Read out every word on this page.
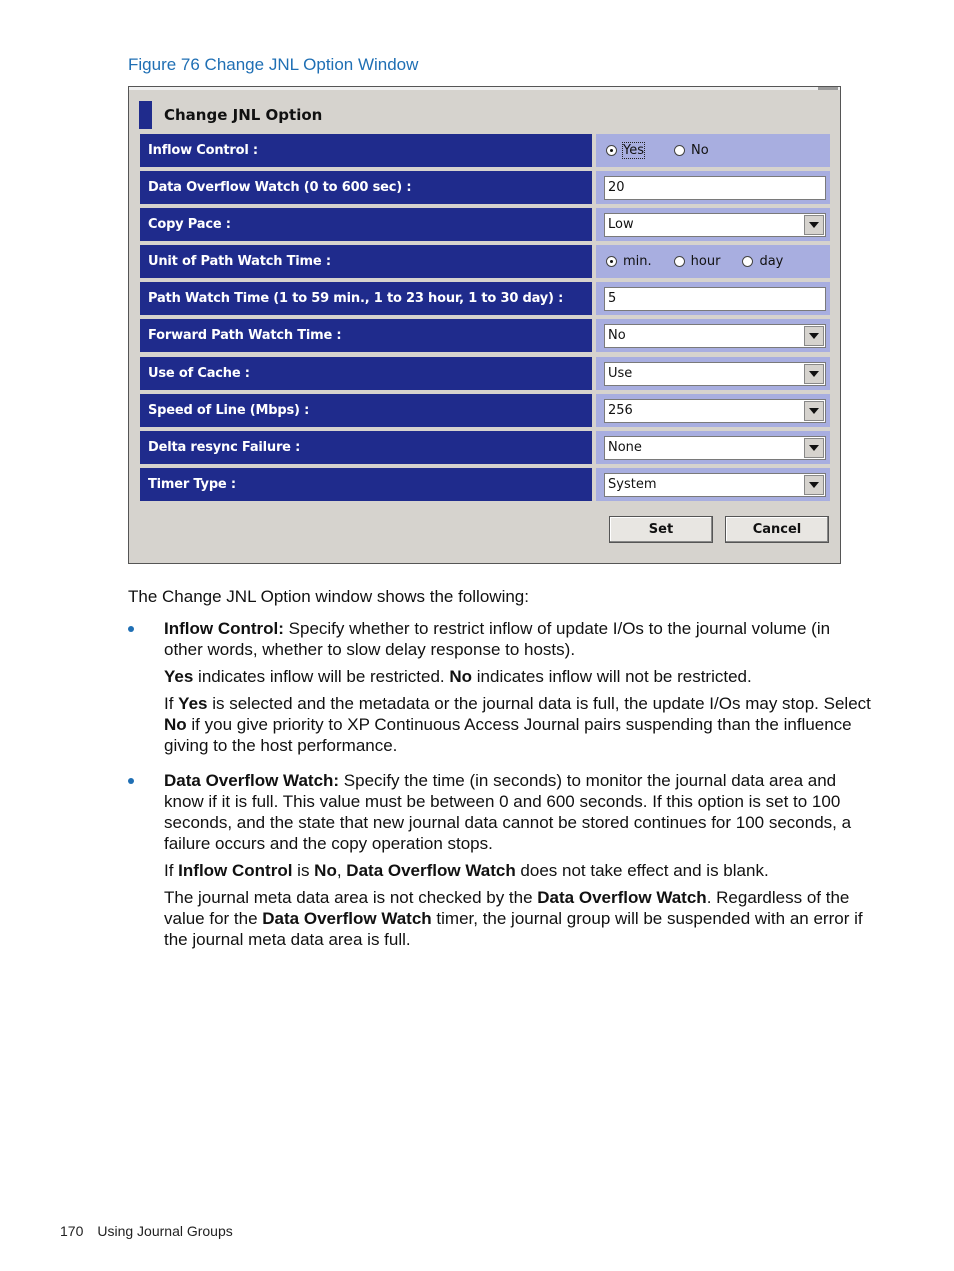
Figure 76 Change JNL Option Window
Change JNL Option
Inflow Control :	Yes	No
Data Overflow Watch (0 to 600 sec) :	20
Copy Pace :	Low
Unit of Path Watch Time :	min.	hour	day
Path Watch Time (1 to 59 min., 1 to 23 hour, 1 to 30 day) :	5
Forward Path Watch Time :	No
Use of Cache :	Use
Speed of Line (Mbps) :	256
Delta resync Failure :	None
Timer Type :	System
Set	Cancel
The Change JNL Option window shows the following:
Inflow Control: Specify whether to restrict inflow of update I/Os to the journal volume (in other words, whether to slow delay response to hosts).
Yes indicates inflow will be restricted. No indicates inflow will not be restricted.
If Yes is selected and the metadata or the journal data is full, the update I/Os may stop. Select No if you give priority to XP Continuous Access Journal pairs suspending than the influence giving to the host performance.
Data Overflow Watch: Specify the time (in seconds) to monitor the journal data area and know if it is full. This value must be between 0 and 600 seconds. If this option is set to 100 seconds, and the state that new journal data cannot be stored continues for 100 seconds, a failure occurs and the copy operation stops.
If Inflow Control is No, Data Overflow Watch does not take effect and is blank.
The journal meta data area is not checked by the Data Overflow Watch. Regardless of the value for the Data Overflow Watch timer, the journal group will be suspended with an error if the journal meta data area is full.
170 Using Journal Groups
